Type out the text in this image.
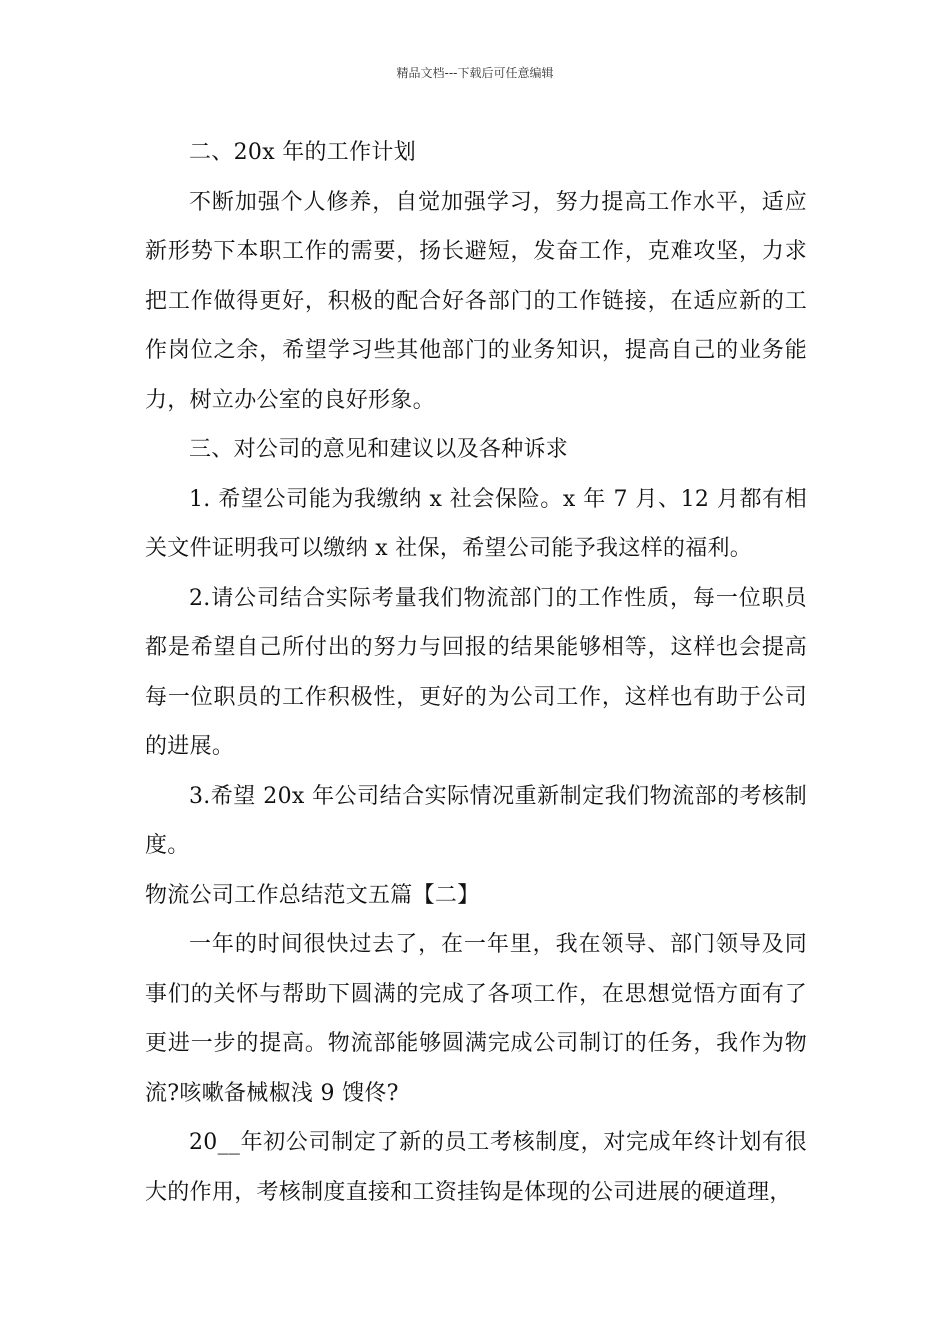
精品文档---下载后可任意编辑

二、20x 年的工作计划

不断加强个人修养，自觉加强学习，努力提高工作水平，适应新形势下本职工作的需要，扬长避短，发奋工作，克难攻坚，力求把工作做得更好，积极的配合好各部门的工作链接，在适应新的工作岗位之余，希望学习些其他部门的业务知识，提高自己的业务能力，树立办公室的良好形象。

三、对公司的意见和建议以及各种诉求

1. 希望公司能为我缴纳 x 社会保险。x 年 7 月、12 月都有相关文件证明我可以缴纳 x 社保，希望公司能予我这样的福利。

2.请公司结合实际考量我们物流部门的工作性质，每一位职员都是希望自己所付出的努力与回报的结果能够相等，这样也会提高每一位职员的工作积极性，更好的为公司工作，这样也有助于公司的进展。

3.希望 20x 年公司结合实际情况重新制定我们物流部的考核制度。

物流公司工作总结范文五篇【二】

一年的时间很快过去了，在一年里，我在领导、部门领导及同事们的关怀与帮助下圆满的完成了各项工作，在思想觉悟方面有了更进一步的提高。物流部能够圆满完成公司制订的任务，我作为物流?咳嗽备械椒浅 9 馊佟?

20__年初公司制定了新的员工考核制度，对完成年终计划有很大的作用，考核制度直接和工资挂钩是体现的公司进展的硬道理，
